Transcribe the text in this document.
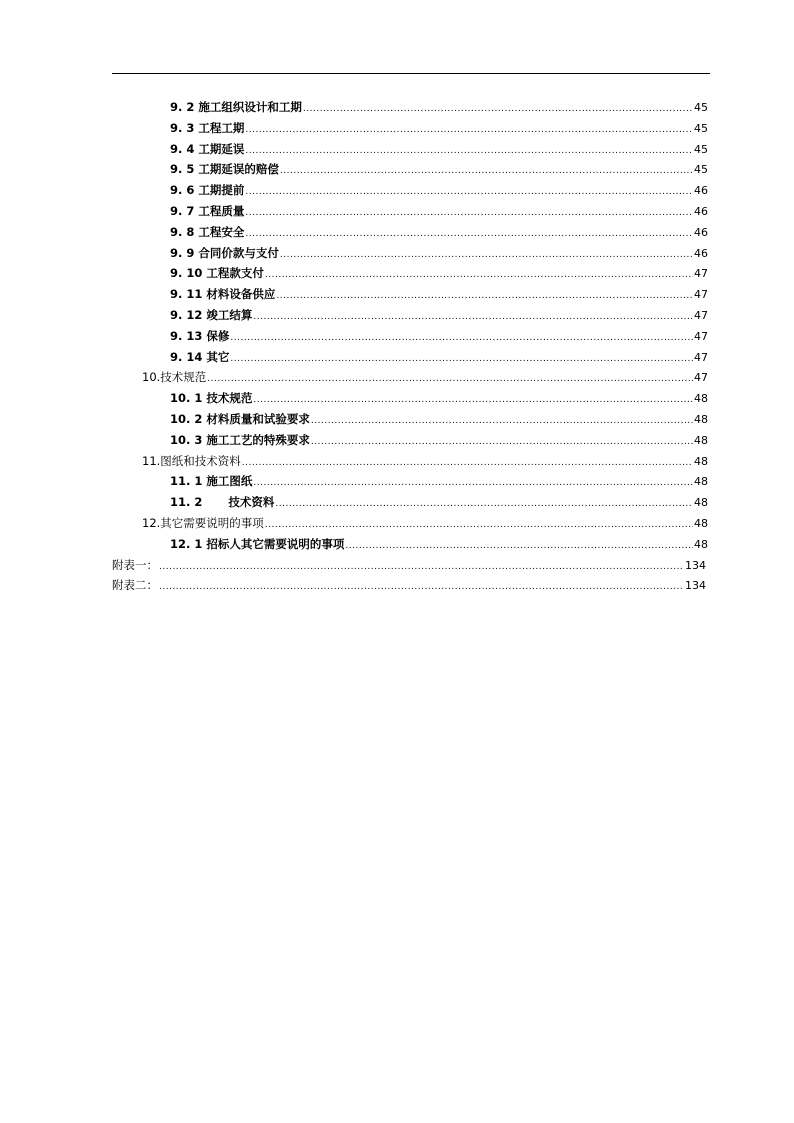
9. 2 施工组织设计和工期 .....	45
9. 3 工程工期 .....	45
9. 4 工期延误 .....	45
9. 5 工期延误的赔偿 .....	45
9. 6 工期提前 .....	46
9. 7 工程质量 .....	46
9. 8 工程安全 .....	46
9. 9 合同价款与支付 .....	46
9. 10 工程款支付 .....	47
9. 11 材料设备供应 .....	47
9. 12 竣工结算 .....	47
9. 13 保修 .....	47
9. 14 其它 .....	47
10.技术规范 .....	47
10. 1 技术规范 .....	48
10. 2 材料质量和试验要求 .....	48
10. 3 施工工艺的特殊要求 .....	48
11.图纸和技术资料 .....	48
11. 1 施工图纸 .....	48
11. 2 技术资料 .....	48
12.其它需要说明的事项 .....	48
12. 1 招标人其它需要说明的事项 .....	48
附表一： .....	134
附表二： .....	134
